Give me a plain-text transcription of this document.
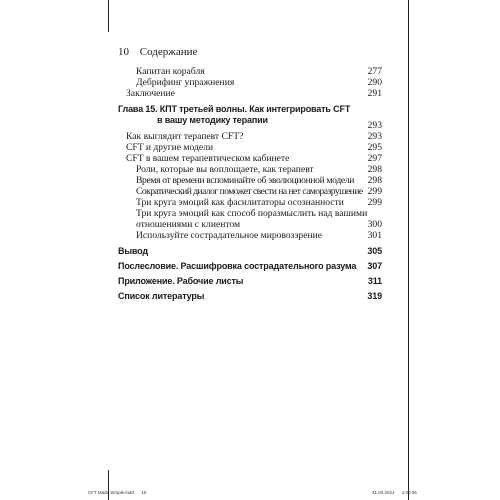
10 Содержание
Капитан корабля	277
Дебрифинг упражнения	290
Заключение	291
Глава 15. КПТ третьей волны. Как интегрировать CFT
в вашу методику терапии	293
Как выглядит терапевт CFT?	293
CFT и другие модели	295
CFT в вашем терапевтическом кабинете	297
Роли, которые вы воплощаете, как терапевт	298
Время от времени вспоминайте об эволюционной модели 298
Сократический диалог поможет свести на нет саморазрушение 299
Три круга эмоций как фасилитаторы осознанности 299
Три круга эмоций как способ поразмыслить над вашими
отношениями с клиентом	300
Используйте сострадательное мировоззрение	301
Вывод	305
Послесловие. Расшифровка сострадательного разума 307
Приложение. Рабочие листы	311
Список литературы	319
CFT Made Simple.indd 10	31.03.2021 1:00:26
